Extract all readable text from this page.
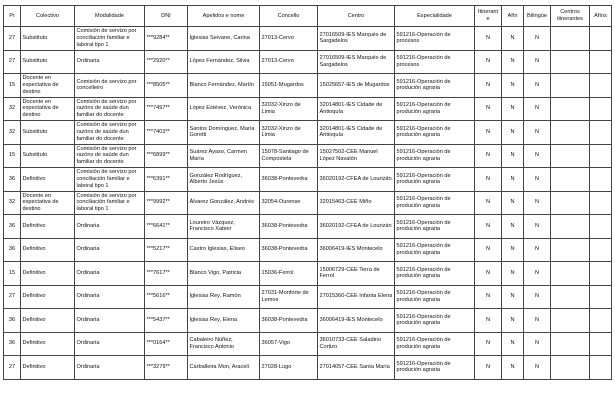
Pr	Colectivo	Modalidade	DNI	Apelidos e nome	Concello	Centro	Especialidade	Itinerante	Afín	Bilingüe	Centros itinerantes	Afíns
27	Substituto	Comisión de servizo por conciliación familiar e laboral tipo 1	***9284**	Iglesias Seivane, Carina	27013-Cervo	27016509-IES Marqués de Sargadelos	591216-Operación de procesos	N	N	N		
27	Substituto	Ordinaria	***2920**	López Fernández, Silvia	27013-Cervo	27016509-IES Marqués de Sargadelos	591216-Operación de procesos	N	N	N		
15	Docente en expectativa de destino	Comisión de servizo por concelleiro	***8505**	Blanco Fernández, Martín	15051-Mugardos	15025657-IES de Mugardos	591216-Operación de produción agraria	N	N	N		
32	Docente en expectativa de destino	Comisión de servizo por razóns de saúde dun familiar do docente	***7497**	López Estévez, Verónica	32032-Xinzo de Limia	32014801-IES Cidade de Antioquía	591216-Operación de produción agraria	N	N	N		
32	Substituto	Comisión de servizo por razóns de saúde dun familiar do docente	***7403**	Santos Domínguez, María Goretti	32032-Xinzo de Limia	32014801-IES Cidade de Antioquía	591216-Operación de produción agraria	N	N	N		
15	Substituto	Comisión de servizo por razóns de saúde dun familiar do docente	***6899**	Suárez Ayaso, Carmen María	15078-Santiago de Compostela	15027502-CEE Manuel López Navalón	591216-Operación de produción agraria	N	N	N		
36	Definitivo	Comisión de servizo por conciliación familiar e laboral tipo 1	***6391**	González Rodríguez, Alberto Jesús	36038-Pontevedra	36020192-CFEA de Lourizán	591216-Operación de produción agraria	N	N	N		
32	Docente en expectativa de destino	Comisión de servizo por conciliación familiar e laboral tipo 1	***9992**	Álvarez González, Andrés	32054-Ourense	32015463-CEE Miño	591216-Operación de produción agraria	N	N	N		
36	Definitivo	Ordinaria	***6641**	Loureiro Vázquez, Francisco Xabier	36038-Pontevedra	36020192-CFEA de Lourizán	591216-Operación de produción agraria	N	N	N		
36	Definitivo	Ordinaria	***5217**	Castro Iglesias, Eliseo	36038-Pontevedra	36006419-IES Montecelo	591216-Operación de produción agraria	N	N	N		
15	Definitivo	Ordinaria	***7617**	Blanco Vigo, Patricia	15036-Ferrol	15006729-CEE Terra de Ferrol	591216-Operación de produción agraria	N	N	N		
27	Definitivo	Ordinaria	***5616**	Iglesias Rey, Ramón	27031-Monforte de Lemos	27015360-CEE Infanta Elena	591216-Operación de produción agraria	N	N	N		
36	Definitivo	Ordinaria	***5437**	Iglesias Rey, Elena	36038-Pontevedra	36006419-IES Montecelo	591216-Operación de produción agraria	N	N	N		
36	Definitivo	Ordinaria	***0164**	Cabaleiro Núñez, Francisco Antonio	36057-Vigo	36010733-CEE Saladino Cortizo	591216-Operación de produción agraria	N	N	N		
27	Definitivo	Ordinaria	***3279**	Carballeira Mon, Araceli	27028-Lugo	27014057-CEE Santa María	591216-Operación de produción agraria	N	N	N		
